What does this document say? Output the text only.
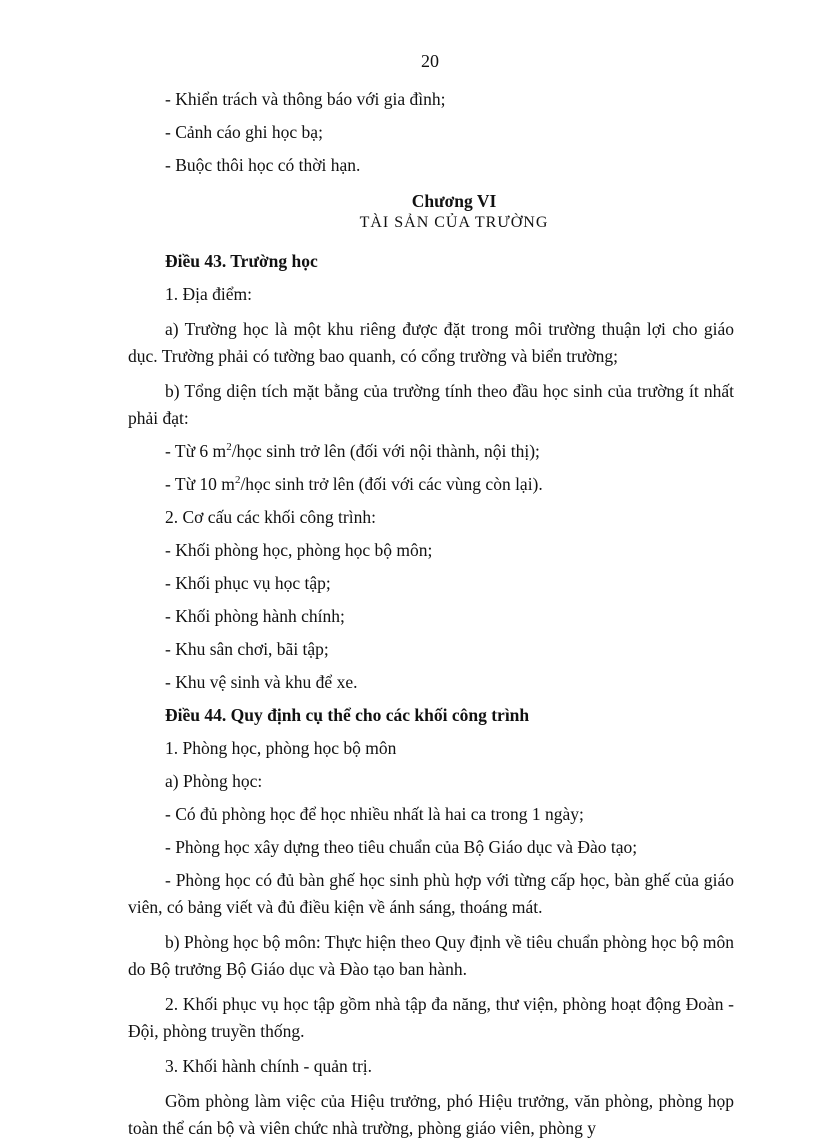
20

- Khiển trách và thông báo với gia đình;

- Cảnh cáo ghi học bạ;

- Buộc thôi học có thời hạn.

Chương VI

TÀI SẢN CỦA TRƯỜNG

Điều 43. Trường học

1. Địa điểm:

a) Trường học là một khu riêng được đặt trong môi trường thuận lợi cho giáo dục. Trường phải có tường bao quanh, có cổng trường và biển trường;

b) Tổng diện tích mặt bằng của trường tính theo đầu học sinh của trường ít nhất phải đạt:

- Từ 6 $m^2$/học sinh trở lên (đối với nội thành, nội thị);

- Từ 10 $m^2$/học sinh trở lên (đối với các vùng còn lại).

2. Cơ cấu các khối công trình:

- Khối phòng học, phòng học bộ môn;

- Khối phục vụ học tập;

- Khối phòng hành chính;

- Khu sân chơi, bãi tập;

- Khu vệ sinh và khu để xe.

Điều 44. Quy định cụ thể cho các khối công trình

1. Phòng học, phòng học bộ môn

a) Phòng học:

- Có đủ phòng học để học nhiều nhất là hai ca trong 1 ngày;

- Phòng học xây dựng theo tiêu chuẩn của Bộ Giáo dục và Đào tạo;

- Phòng học có đủ bàn ghế học sinh phù hợp với từng cấp học, bàn ghế của giáo viên, có bảng viết và đủ điều kiện về ánh sáng, thoáng mát.

b) Phòng học bộ môn: Thực hiện theo Quy định về tiêu chuẩn phòng học bộ môn do Bộ trưởng Bộ Giáo dục và Đào tạo ban hành.

2. Khối phục vụ học tập gồm nhà tập đa năng, thư viện, phòng hoạt động Đoàn - Đội, phòng truyền thống.

3. Khối hành chính - quản trị.

Gồm phòng làm việc của Hiệu trưởng, phó Hiệu trưởng, văn phòng, phòng họp toàn thể cán bộ và viên chức nhà trường, phòng giáo viên, phòng y
